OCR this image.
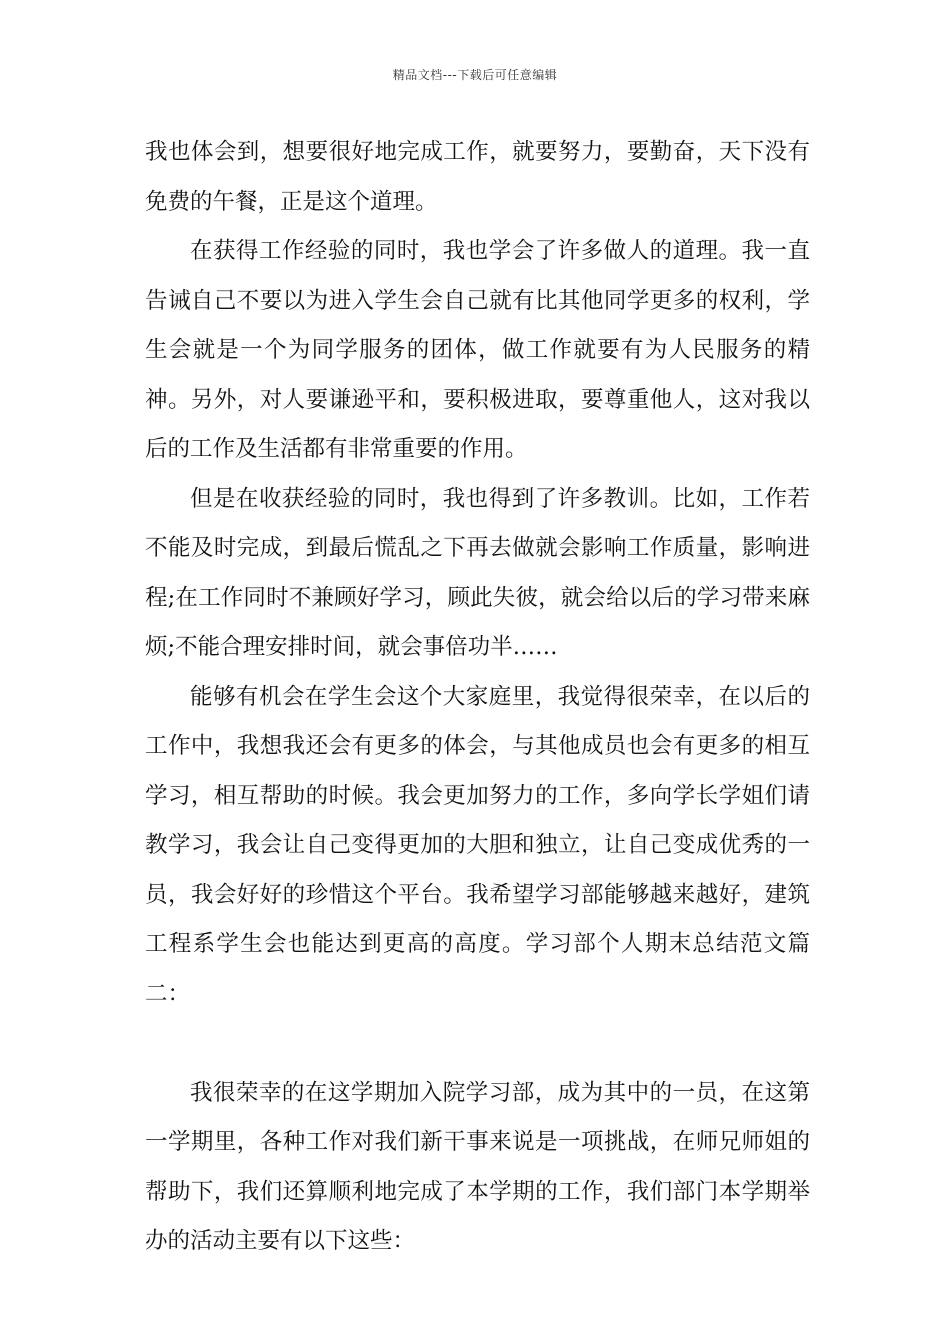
精品文档---下载后可任意编辑

我也体会到，想要很好地完成工作，就要努力，要勤奋，天下没有免费的午餐，正是这个道理。

在获得工作经验的同时，我也学会了许多做人的道理。我一直告诫自己不要以为进入学生会自己就有比其他同学更多的权利，学生会就是一个为同学服务的团体，做工作就要有为人民服务的精神。另外，对人要谦逊平和，要积极进取，要尊重他人，这对我以后的工作及生活都有非常重要的作用。

但是在收获经验的同时，我也得到了许多教训。比如，工作若不能及时完成，到最后慌乱之下再去做就会影响工作质量，影响进程;在工作同时不兼顾好学习，顾此失彼，就会给以后的学习带来麻烦;不能合理安排时间，就会事倍功半……

能够有机会在学生会这个大家庭里，我觉得很荣幸，在以后的工作中，我想我还会有更多的体会，与其他成员也会有更多的相互学习，相互帮助的时候。我会更加努力的工作，多向学长学姐们请教学习，我会让自己变得更加的大胆和独立，让自己变成优秀的一员，我会好好的珍惜这个平台。我希望学习部能够越来越好，建筑工程系学生会也能达到更高的高度。学习部个人期末总结范文篇二：

我很荣幸的在这学期加入院学习部，成为其中的一员，在这第一学期里，各种工作对我们新干事来说是一项挑战，在师兄师姐的帮助下，我们还算顺利地完成了本学期的工作，我们部门本学期举办的活动主要有以下这些：
